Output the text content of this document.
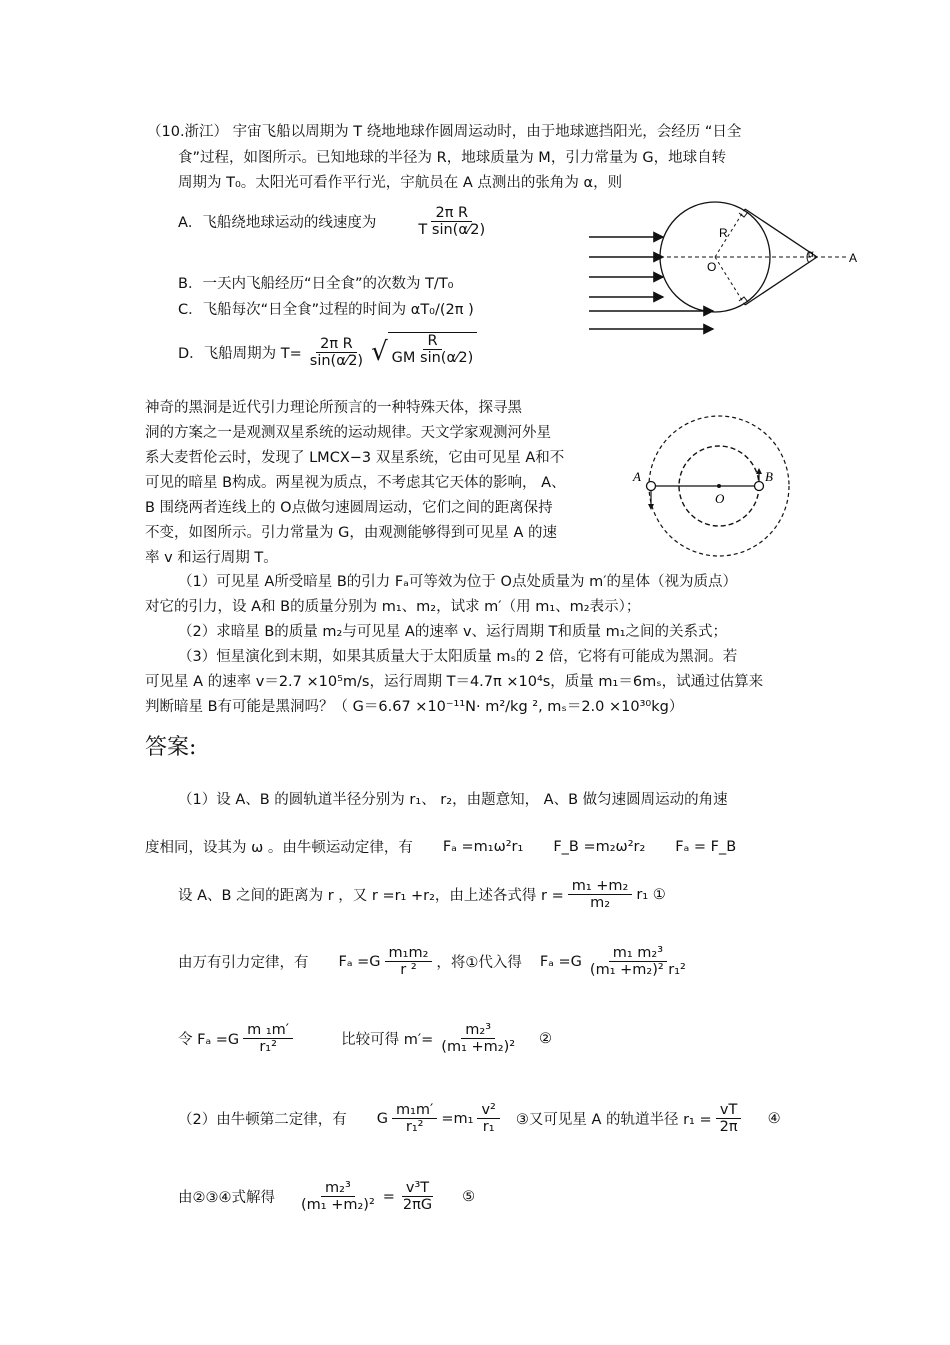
（10.浙江） 宇宙飞船以周期为 T 绕地地球作圆周运动时，由于地球遮挡阳光，会经历 “日全
食”过程，如图所示。已知地球的半径为 R，地球质量为 M，引力常量为 G，地球自转
周期为 T₀。太阳光可看作平行光，宇航员在 A 点测出的张角为 α，则
A．飞船绕地球运动的线速度为	$\frac{\text{2π R}}{\text{T sin(α⁄2)}}$
B．一天内飞船经历“日全食”的次数为 T/T₀
C．飞船每次“日全食”过程的时间为 αT₀/(2π )
D．飞船周期为 $T= \frac{\text{2π R}}{\sin(\alpha⁄2)}$ √ $\frac{R}{\text{GM sin(α⁄2)}}$
R
O
α	A
神奇的黑洞是近代引力理论所预言的一种特殊天体，探寻黑
洞的方案之一是观测双星系统的运动规律。天文学家观测河外星
系大麦哲伦云时，发现了 LMCX−3 双星系统，它由可见星 A和不
可见的暗星 B构成。两星视为质点，不考虑其它天体的影响， A、
B 围绕两者连线上的 O点做匀速圆周运动，它们之间的距离保持
不变，如图所示。引力常量为 G，由观测能够得到可见星 A 的速
率 v 和运行周期 T。
A	B
O
（1）可见星 A所受暗星 B的引力 Fₐ可等效为位于 O点处质量为 m′的星体（视为质点）
对它的引力，设 A和 B的质量分别为 m₁、m₂，试求 m′（用 m₁、m₂表示）；
（2）求暗星 B的质量 m₂与可见星 A的速率 v、运行周期 T和质量 m₁之间的关系式；
（3）恒星演化到末期，如果其质量大于太阳质量 mₛ的 2 倍，它将有可能成为黑洞。若
可见星 A 的速率 v＝2.7 ×10⁵m/s，运行周期 T＝4.7π ×10⁴s，质量 m₁＝6mₛ，试通过估算来
判断暗星 B有可能是黑洞吗？（ G＝6.67 ×10⁻¹¹N· m²/kg ², mₛ＝2.0 ×10³⁰kg）
答案:
（1）设 A、B 的圆轨道半径分别为 r₁、 r₂，由题意知， A、B 做匀速圆周运动的角速
度相同，设其为 ω 。由牛顿运动定律，有 Fₐ =m₁ω²r₁ F_B =m₂ω²r₂ Fₐ = F_B
设 A、B 之间的距离为 r ，又 r =r₁ +r₂，由上述各式得 $r = \frac{\text{m₁ +m₂}}{\text{m₂}} r_1$ ①
由万有引力定律，有 $F_a =G \frac{\text{m₁m₂}}{\text{r ²}}$ ，将①代入得 $F_a =G \frac{\text{m₁ m₂³}}{\text{(m₁ +m₂)² r₁²}}$
令 $F_a =G \frac{\text{m ₁m′}}{\text{r₁²}}$	比较可得 $m'= \frac{\text{m₂³}}{\text{(m₁ +m₂)²}}$ ②
（2）由牛顿第二定律，有 G $\frac{\text{m₁m′}}{\text{r₁²}} =m_1 \frac{\text{v²}}{\text{r₁}}$ ③又可见星 A 的轨道半径 $r_1 = \frac{vT}{2\pi}$ ④
由②③④式解得 $\frac{\text{m₂³}}{\text{(m₁ +m₂)²}} = \frac{\text{v³T}}{2\pi G}$ ⑤
